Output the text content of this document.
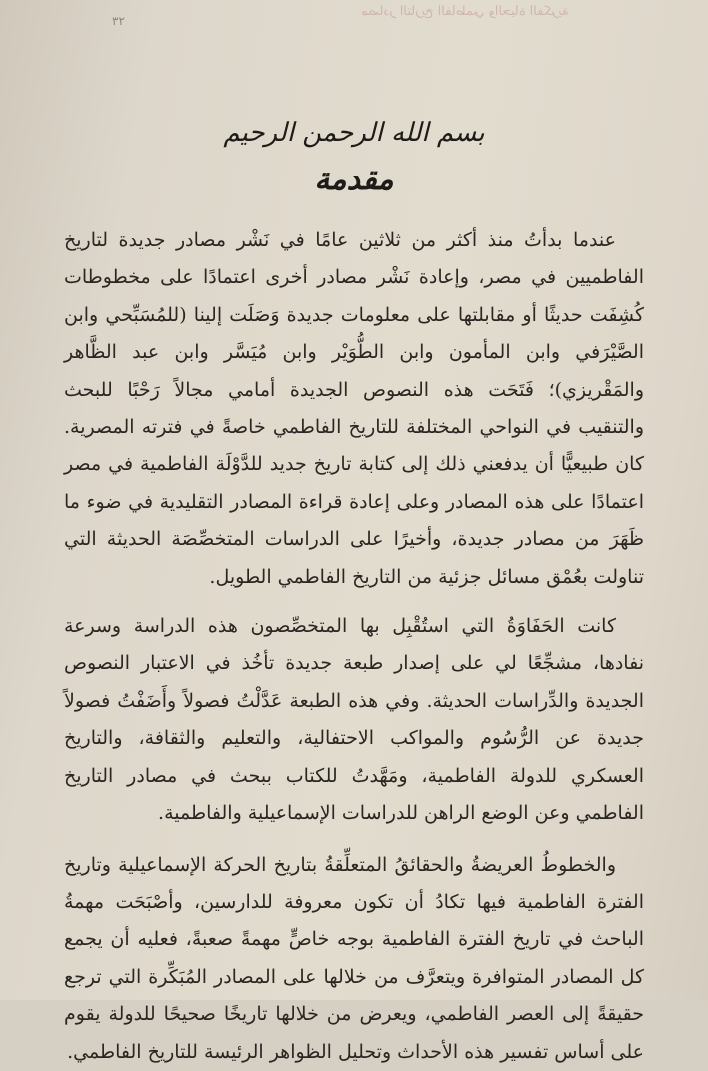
مصادر التاريخ الفاطمي والحياة الفكرية
٣٢
بسم الله الرحمن الرحيم
مقدمة

عندما بدأتُ منذ أكثر من ثلاثين عامًا في نَشْر مصادر جديدة لتاريخ الفاطميين في مصر، وإعادة نَشْر مصادر أخرى اعتمادًا على مخطوطات كُشِفَت حديثًا أو مقابلتها على معلومات جديدة وَصَلَت إلينا (للمُسَبِّحي وابن الصَّيْرَفي وابن المأمون وابن الطُّوَيْر وابن مُيَسَّر وابن عبد الظَّاهر والمَقْريزي)؛ فَتَحَت هذه النصوص الجديدة أمامي مجالاً رَحْبًا للبحث والتنقيب في النواحي المختلفة للتاريخ الفاطمي خاصةً في فترته المصرية. كان طبيعيًّا أن يدفعني ذلك إلى كتابة تاريخ جديد للدَّوْلَة الفاطمية في مصر اعتمادًا على هذه المصادر وعلى إعادة قراءة المصادر التقليدية في ضوء ما ظَهَرَ من مصادر جديدة، وأخيرًا على الدراسات المتخصِّصَة الحديثة التي تناولت بعُمْق مسائل جزئية من التاريخ الفاطمي الطويل.

كانت الحَفَاوَةُ التي استُقْبِل بها المتخصِّصون هذه الدراسة وسرعة نفادها، مشجِّعًا لي على إصدار طبعة جديدة تأخُذ في الاعتبار النصوص الجديدة والدِّراسات الحديثة. وفي هذه الطبعة عَدَّلْتُ فصولاً وأَضَفْتُ فصولاً جديدة عن الرُّسُوم والمواكب الاحتفالية، والتعليم والثقافة، والتاريخ العسكري للدولة الفاطمية، ومَهَّدتُ للكتاب ببحث في مصادر التاريخ الفاطمي وعن الوضع الراهن للدراسات الإسماعيلية والفاطمية.

والخطوطُ العريضةُ والحقائقُ المتعلِّقةُ بتاريخ الحركة الإسماعيلية وتاريخ الفترة الفاطمية فيها تكادُ أن تكون معروفة للدارسين، وأصْبَحَت مهمةُ الباحث في تاريخ الفترة الفاطمية بوجه خاصٍّ مهمةً صعبةً، فعليه أن يجمع كل المصادر المتوافرة ويتعرَّف من خلالها على المصادر المُبَكِّرة التي ترجع حقيقةً إلى العصر الفاطمي، ويعرض من خلالها تاريخًا صحيحًا للدولة يقوم على أساس تفسير هذه الأحداث وتحليل الظواهر الرئيسة للتاريخ الفاطمي.
